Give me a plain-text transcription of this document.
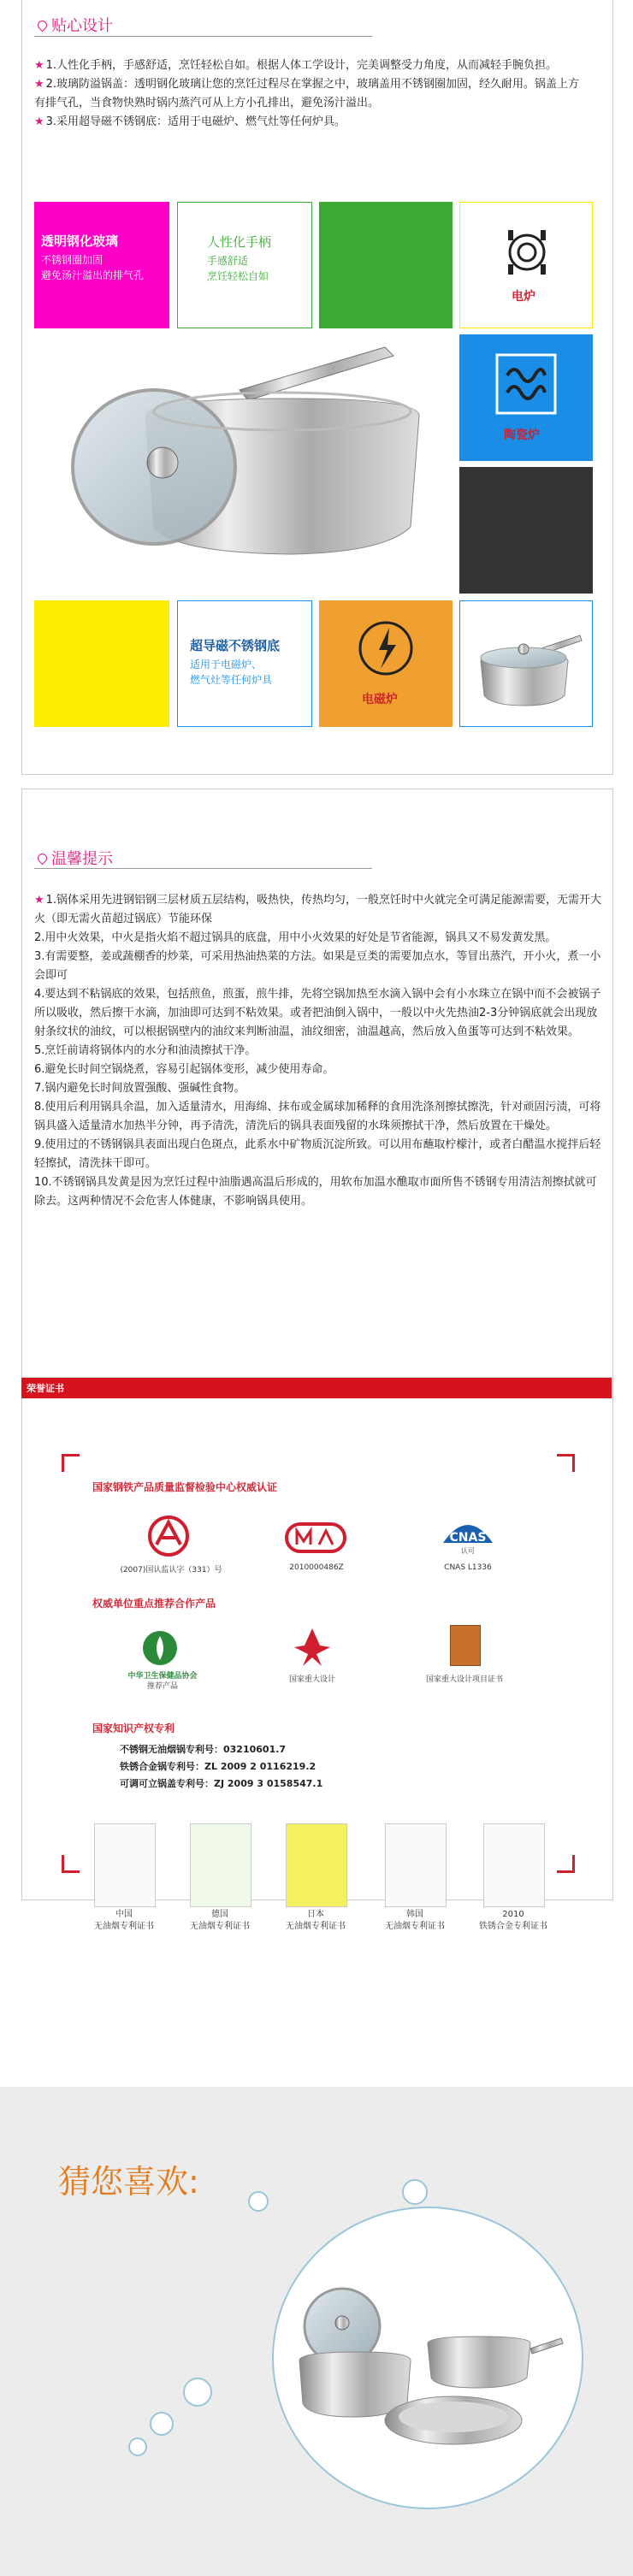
贴心设计
★ 1.人性化手柄，手感舒适，烹饪轻松自如。根据人体工学设计，完美调整受力角度，从而减轻手腕负担。
★ 2.玻璃防溢锅盖：透明钢化玻璃让您的烹饪过程尽在掌握之中，玻璃盖用不锈钢圈加固，经久耐用。锅盖上方有排气孔，当食物快熟时锅内蒸汽可从上方小孔排出，避免汤汁溢出。
★ 3.采用超导磁不锈钢底：适用于电磁炉、燃气灶等任何炉具。
透明钢化玻璃
不锈钢圈加固
避免汤汁溢出的排气孔
人性化手柄
手感舒适
烹饪轻松自如
电炉
陶瓷炉
超导磁不锈钢底
适用于电磁炉、
燃气灶等任何炉具
电磁炉
温馨提示
★ 1.锅体采用先进钢铝钢三层材质五层结构，吸热快，传热均匀，一般烹饪时中火就完全可满足能源需要，无需开大火（即无需火苗超过锅底）节能环保
2.用中火效果，中火是指火焰不超过锅具的底盘，用中小火效果的好处是节省能源，锅具又不易发黄发黑。
3.有需要整，姜或蔬棚香的炒菜，可采用热油热菜的方法。如果是豆类的需要加点水，等冒出蒸汽，开小火，煮一小会即可
4.要达到不粘锅底的效果，包括煎鱼，煎蛋，煎牛排，先将空锅加热至水滴入锅中会有小水珠立在锅中而不会被锅子所以吸收，然后擦干水滴，加油即可达到不粘效果。或者把油倒入锅中，一般以中火先热油2-3分钟锅底就会出现放射条纹状的油纹，可以根据锅壁内的油纹来判断油温，油纹细密，油温越高，然后放入鱼蛋等可达到不粘效果。
5.烹饪前请将锅体内的水分和油渍擦拭干净。
6.避免长时间空锅烧煮，容易引起锅体变形，减少使用寿命。
7.锅内避免长时间放置强酸、强碱性食物。
8.使用后利用锅具余温，加入适量清水，用海绵、抹布或金属球加稀释的食用洗涤剂擦拭擦洗，针对顽固污渍，可将锅具盛入适量清水加热半分钟，再予清洗，清洗后的锅具表面残留的水珠须擦拭干净，然后放置在干燥处。
9.使用过的不锈钢锅具表面出现白色斑点，此系水中矿物质沉淀所致。可以用布蘸取柠檬汁，或者白醋温水搅拌后轻轻擦拭，清洗抹干即可。
10.不锈钢锅具发黄是因为烹饪过程中油脂遇高温后形成的，用软布加温水醮取市面所售不锈钢专用清洁剂擦拭就可除去。这两种情况不会危害人体健康，不影响锅具使用。
荣誉证书
国家钢铁产品质量监督检验中心权威认证
(2007)国认监认字（331）号	2010000486Z
CNAS
认可
CNAS L1336
权威单位重点推荐合作产品
中华卫生保健品协会
推荐产品
国家重大设计	国家重大设计项目证书
国家知识产权专利
不锈钢无油烟锅专利号：03210601.7
铁锈合金锅专利号：ZL 2009 2 0116219.2
可调可立锅盖专利号：ZJ 2009 3 0158547.1
中国
无油烟专利证书
德国
无油烟专利证书
日本
无油烟专利证书
韩国
无油烟专利证书
2010
铁锈合金专利证书
猜您喜欢:
